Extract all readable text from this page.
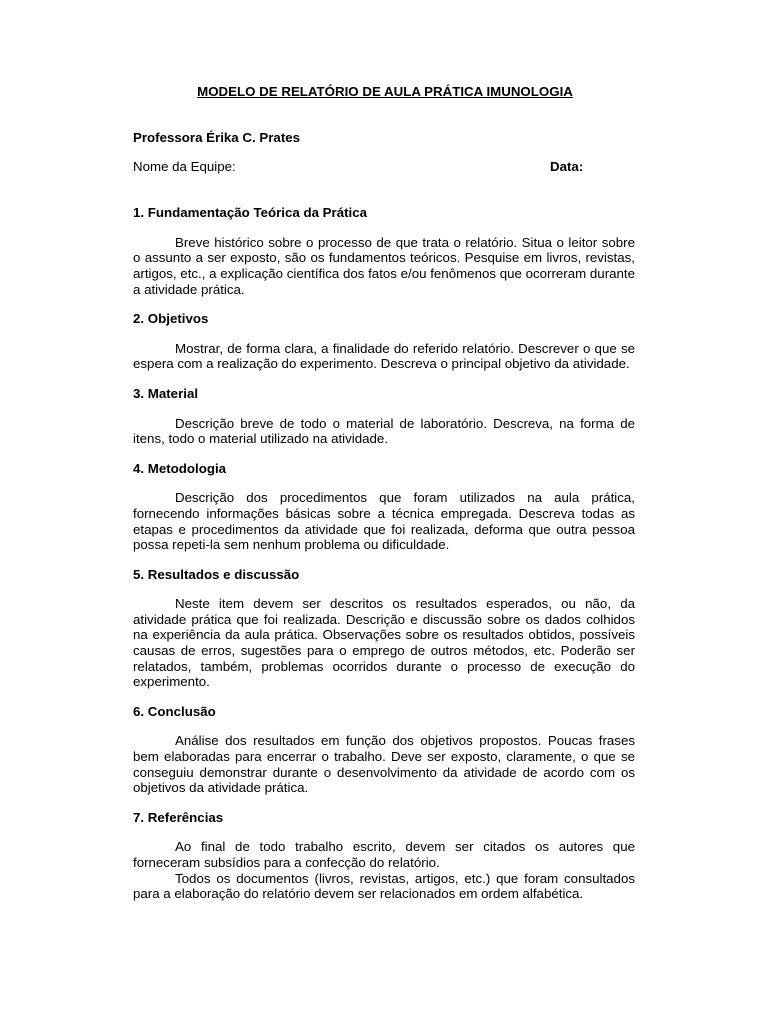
MODELO DE RELATÓRIO DE AULA PRÁTICA IMUNOLOGIA
Professora Érika C. Prates
Nome da Equipe:	Data:
1. Fundamentação Teórica da Prática

Breve histórico sobre o processo de que trata o relatório. Situa o leitor sobre o assunto a ser exposto, são os fundamentos teóricos. Pesquise em livros, revistas, artigos, etc., a explicação científica dos fatos e/ou fenômenos que ocorreram durante a atividade prática.

2. Objetivos

Mostrar, de forma clara, a finalidade do referido relatório. Descrever o que se espera com a realização do experimento. Descreva o principal objetivo da atividade.

3. Material

Descrição breve de todo o material de laboratório. Descreva, na forma de itens, todo o material utilizado na atividade.

4. Metodologia

Descrição dos procedimentos que foram utilizados na aula prática, fornecendo informações básicas sobre a técnica empregada. Descreva todas as etapas e procedimentos da atividade que foi realizada, deforma que outra pessoa possa repeti-la sem nenhum problema ou dificuldade.

5. Resultados e discussão

Neste item devem ser descritos os resultados esperados, ou não, da atividade prática que foi realizada. Descrição e discussão sobre os dados colhidos na experiência da aula prática. Observações sobre os resultados obtidos, possíveis causas de erros, sugestões para o emprego de outros métodos, etc. Poderão ser relatados, também, problemas ocorridos durante o processo de execução do experimento.

6. Conclusão

Análise dos resultados em função dos objetivos propostos. Poucas frases bem elaboradas para encerrar o trabalho. Deve ser exposto, claramente, o que se conseguiu demonstrar durante o desenvolvimento da atividade de acordo com os objetivos da atividade prática.

7. Referências

Ao final de todo trabalho escrito, devem ser citados os autores que forneceram subsídios para a confecção do relatório.

Todos os documentos (livros, revistas, artigos, etc.) que foram consultados para a elaboração do relatório devem ser relacionados em ordem alfabética.
